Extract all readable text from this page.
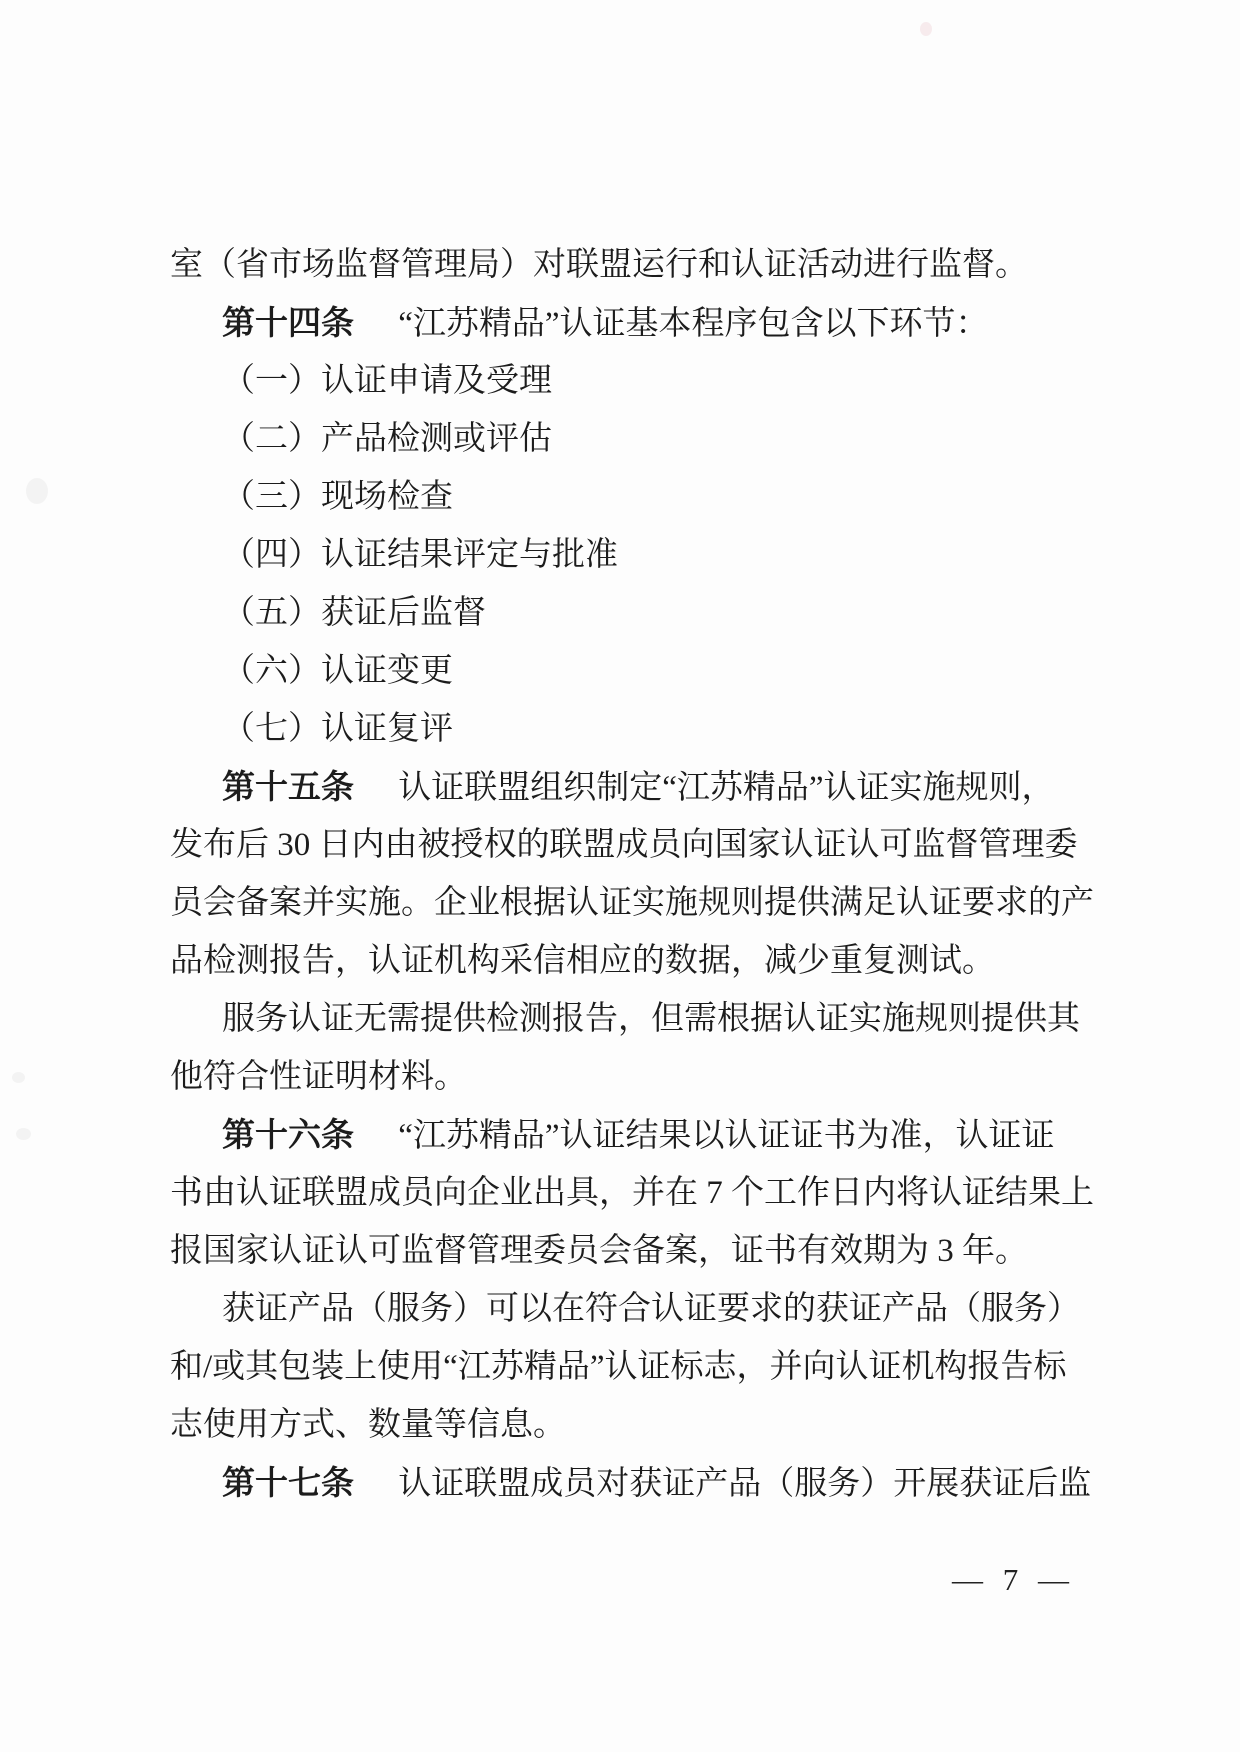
室（省市场监督管理局）对联盟运行和认证活动进行监督。
第十四条 “江苏精品”认证基本程序包含以下环节：
（一）认证申请及受理
（二）产品检测或评估
（三）现场检查
（四）认证结果评定与批准
（五）获证后监督
（六）认证变更
（七）认证复评
第十五条 认证联盟组织制定“江苏精品”认证实施规则，
发布后 30 日内由被授权的联盟成员向国家认证认可监督管理委
员会备案并实施。企业根据认证实施规则提供满足认证要求的产
品检测报告，认证机构采信相应的数据，减少重复测试。
服务认证无需提供检测报告，但需根据认证实施规则提供其
他符合性证明材料。
第十六条 “江苏精品”认证结果以认证证书为准，认证证
书由认证联盟成员向企业出具，并在 7 个工作日内将认证结果上
报国家认证认可监督管理委员会备案，证书有效期为 3 年。
获证产品（服务）可以在符合认证要求的获证产品（服务）
和/或其包装上使用“江苏精品”认证标志，并向认证机构报告标
志使用方式、数量等信息。
第十七条 认证联盟成员对获证产品（服务）开展获证后监
— 7 —
